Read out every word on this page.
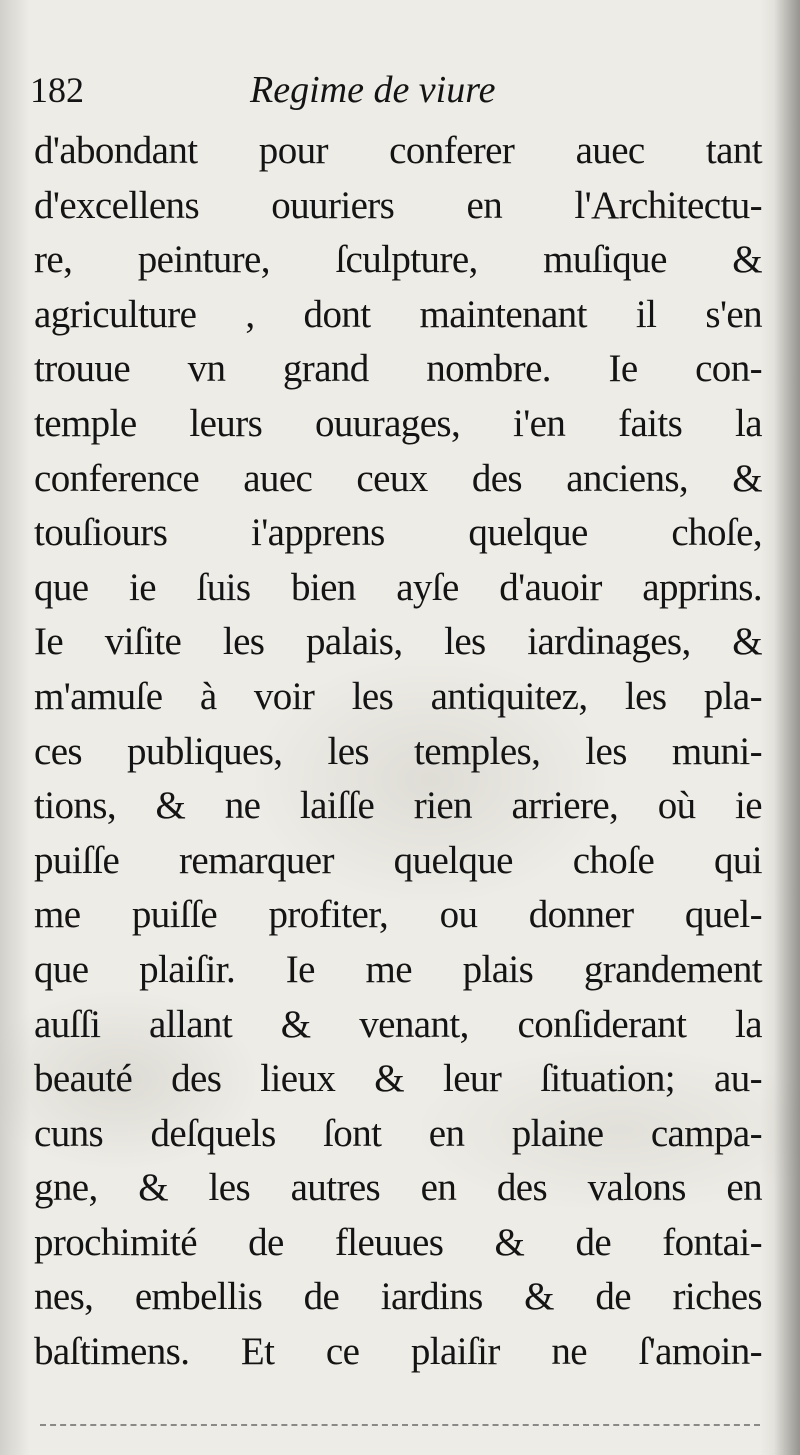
182	Regime de viure
d'abondant pour conferer auec tant
d'excellens ouuriers en l'Architectu-
re, peinture, ſculpture, muſique &
agriculture , dont maintenant il s'en
trouue vn grand nombre. Ie con-
temple leurs ouurages, i'en faits la
conference auec ceux des anciens, &
touſiours i'apprens quelque choſe,
que ie ſuis bien ayſe d'auoir apprins.
Ie viſite les palais, les iardinages, &
m'amuſe à voir les antiquitez, les pla-
ces publiques, les temples, les muni-
tions, & ne laiſſe rien arriere, où ie
puiſſe remarquer quelque choſe qui
me puiſſe profiter, ou donner quel-
que plaiſir. Ie me plais grandement
auſſi allant & venant, conſiderant la
beauté des lieux & leur ſituation; au-
cuns deſquels ſont en plaine campa-
gne, & les autres en des valons en
prochimité de fleuues & de fontai-
nes, embellis de iardins & de riches
baſtimens. Et ce plaiſir ne ſ'amoin-
